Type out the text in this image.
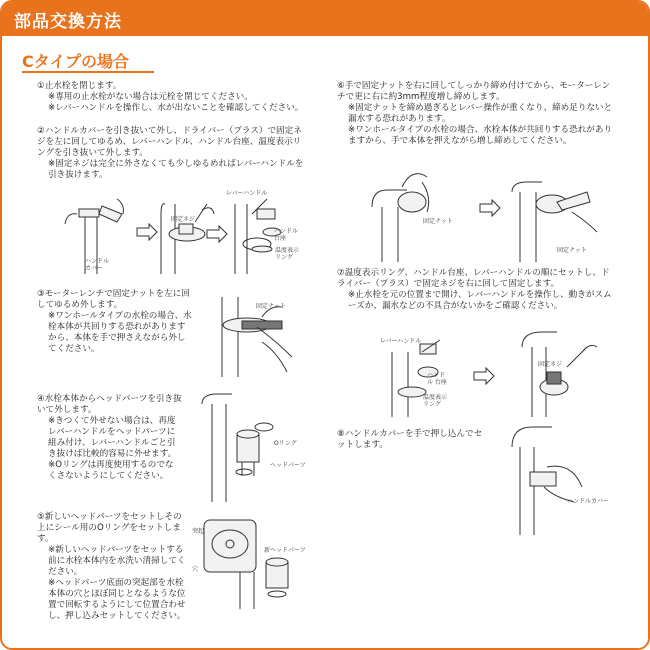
部品交換方法
Cタイプの場合
①止水栓を閉じます。
※専用の止水栓がない場合は元栓を閉じてください。
※レバーハンドルを操作し、水が出ないことを確認してください。
②ハンドルカバーを引き抜いて外し、ドライバー（プラス）で固定ネジを左に回してゆるめ、レバーハンドル、ハンドル台座、温度表示リングを引き抜いて外します。
※固定ネジは完全に外さなくても少しゆるめればレバーハンドルを引き抜けます。
ハンドル カバー
レバーハンドル
固定ネジ
ハンドル 台座
温度表示 リング
③モーターレンチで固定ナットを左に回してゆるめ外します。
※ワンホールタイプの水栓の場合、水栓本体が共回りする恐れがありますから、本体を手で押さえながら外してください。
固定ナット
④水栓本体からヘッドパーツを引き抜いて外します。
※きつくて外せない場合は、再度レバーハンドルをヘッドパーツに組み付け、レバーハンドルごと引き抜けば比較的容易に外せます。
※Oリングは再度使用するのでなくさないようにしてください。
Oリング
ヘッドパーツ
⑤新しいヘッドパーツをセットしその上にシール用のOリングをセットします。
※新しいヘッドパーツをセットする前に水栓本体内を水洗い清掃してください。
※ヘッドパーツ底面の突起部を水栓本体の穴とほぼ同じとなるような位置で回転するようにして位置合わせし、押し込みセットしてください。
突起
穴
新ヘッドパーツ
⑥手で固定ナットを右に回してしっかり締め付けてから、モーターレンチで更に右に約3mm程度増し締めします。
※固定ナットを締め過ぎるとレバー操作が重くなり、締め足りないと漏水する恐れがあります。
※ワンホールタイプの水栓の場合、水栓本体が共回りする恐れがありますから、手で本体を押えながら増し締めしてください。
固定ナット
固定ナット
⑦温度表示リング、ハンドル台座、レバーハンドルの順にセットし、ドライバー（プラス）で固定ネジを右に回して固定します。
※止水栓を元の位置まで開け、レバーハンドルを操作し、動きがスムーズか、漏水などの不具合がないかをご確認ください。
レバーハンドル
ハンドル 台座
温度表示 リング
固定ネジ
⑧ハンドルカバーを手で押し込んでセットします。
ハンドルカバー
